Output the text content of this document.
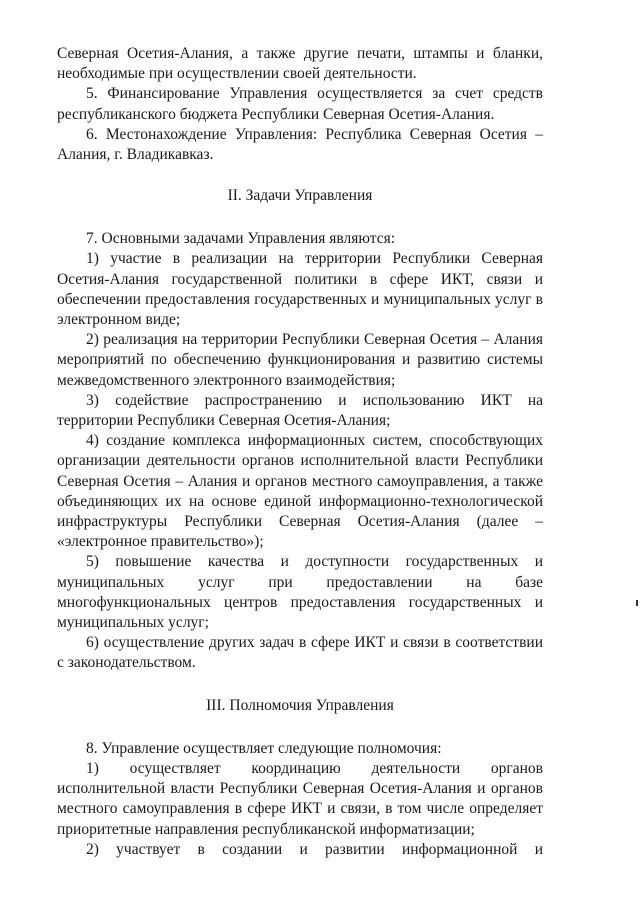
Северная Осетия-Алания, а также другие печати, штампы и бланки, необходимые при осуществлении своей деятельности.

5. Финансирование Управления осуществляется за счет средств республиканского бюджета Республики Северная Осетия-Алания.

6. Местонахождение Управления: Республика Северная Осетия – Алания, г. Владикавказ.

II. Задачи Управления

7. Основными задачами Управления являются:

1) участие в реализации на территории Республики Северная Осетия-Алания государственной политики в сфере ИКТ, связи и обеспечении предоставления государственных и муниципальных услуг в электронном виде;

2) реализация на территории Республики Северная Осетия – Алания мероприятий по обеспечению функционирования и развитию системы межведомственного электронного взаимодействия;

3) содействие распространению и использованию ИКТ на территории Республики Северная Осетия-Алания;

4) создание комплекса информационных систем, способствующих организации деятельности органов исполнительной власти Республики Северная Осетия – Алания и органов местного самоуправления, а также объединяющих их на основе единой информационно-технологической инфраструктуры Республики Северная Осетия-Алания (далее – «электронное правительство»);

5) повышение качества и доступности государственных и муниципальных услуг при предоставлении на базе многофункциональных центров предоставления государственных и муниципальных услуг;

6) осуществление других задач в сфере ИКТ и связи в соответствии с законодательством.

III. Полномочия Управления

8. Управление осуществляет следующие полномочия:

1) осуществляет координацию деятельности органов исполнительной власти Республики Северная Осетия-Алания и органов местного самоуправления в сфере ИКТ и связи, в том числе определяет приоритетные направления республиканской информатизации;

2) участвует в создании и развитии информационной и
